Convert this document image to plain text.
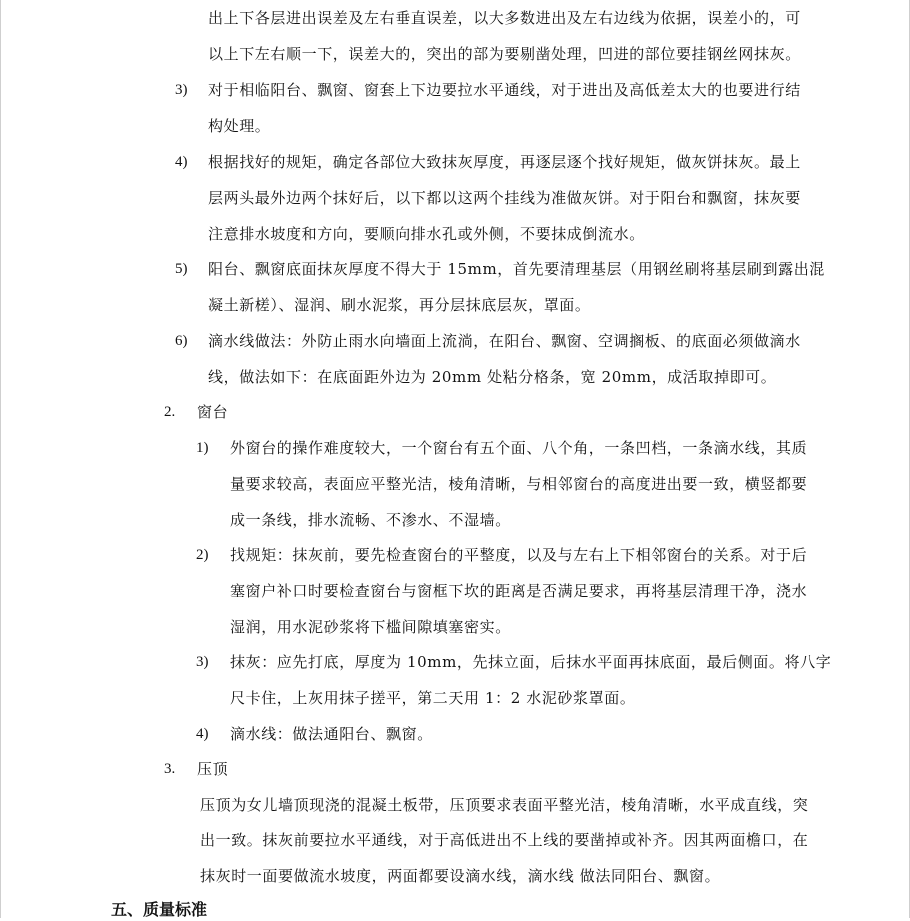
出上下各层进出误差及左右垂直误差，以大多数进出及左右边线为依据，误差小的，可
以上下左右顺一下，误差大的，突出的部为要剔凿处理，凹进的部位要挂钢丝网抹灰。
3) 对于相临阳台、飘窗、窗套上下边要拉水平通线，对于进出及高低差太大的也要进行结
构处理。
4) 根据找好的规矩，确定各部位大致抹灰厚度，再逐层逐个找好规矩，做灰饼抹灰。最上
层两头最外边两个抹好后，以下都以这两个挂线为准做灰饼。对于阳台和飘窗，抹灰要
注意排水坡度和方向，要顺向排水孔或外侧，不要抹成倒流水。
5) 阳台、飘窗底面抹灰厚度不得大于 15mm，首先要清理基层（用钢丝刷将基层刷到露出混
凝土新槎）、湿润、刷水泥浆，再分层抹底层灰，罩面。
6) 滴水线做法：外防止雨水向墙面上流淌，在阳台、飘窗、空调搁板、的底面必须做滴水
线，做法如下：在底面距外边为 20mm 处粘分格条，宽 20mm，成活取掉即可。
2. 窗台
1) 外窗台的操作难度较大，一个窗台有五个面、八个角，一条凹档，一条滴水线，其质
量要求较高，表面应平整光洁，棱角清晰，与相邻窗台的高度进出要一致，横竖都要
成一条线，排水流畅、不渗水、不湿墙。
2) 找规矩：抹灰前，要先检查窗台的平整度，以及与左右上下相邻窗台的关系。对于后
塞窗户补口时要检查窗台与窗框下坎的距离是否满足要求，再将基层清理干净，浇水
湿润，用水泥砂浆将下槛间隙填塞密实。
3) 抹灰：应先打底，厚度为 10mm，先抹立面，后抹水平面再抹底面，最后侧面。将八字
尺卡住，上灰用抹子搓平，第二天用 1：2 水泥砂浆罩面。
4) 滴水线：做法通阳台、飘窗。
3. 压顶
压顶为女儿墙顶现浇的混凝土板带，压顶要求表面平整光洁，棱角清晰，水平成直线，突
出一致。抹灰前要拉水平通线，对于高低进出不上线的要凿掉或补齐。因其两面檐口，在
抹灰时一面要做流水坡度，两面都要设滴水线，滴水线 做法同阳台、飘窗。
五、质量标准
